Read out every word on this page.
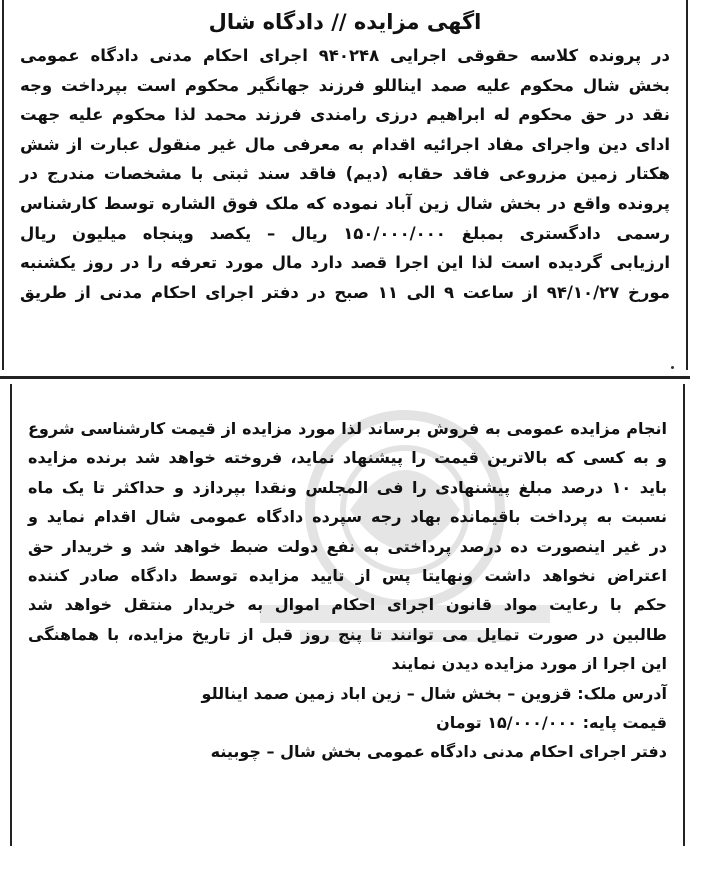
اگهی مزایده // دادگاه شال
در پرونده کلاسه حقوقی اجرایی ۹۴۰۲۴۸ اجرای احکام مدنی دادگاه عمومی
بخش شال محکوم علیه صمد ایناللو فرزند جهانگیر محکوم است بپرداخت وجه
نقد در حق محکوم له ابراهیم درزی رامندی فرزند محمد لذا محکوم علیه جهت
ادای دین واجرای مفاد اجرائیه اقدام به معرفی مال غیر منقول عبارت از شش
هکتار زمین مزروعی فاقد حقابه (دیم) فاقد سند ثبتی با مشخصات مندرج در
پرونده واقع در بخش شال زین آباد نموده که ملک فوق الشاره توسط کارشناس
رسمی دادگستری بمبلغ ۱۵۰/۰۰۰/۰۰۰ ریال – یکصد وپنجاه میلیون ریال
ارزیابی گردیده است لذا این اجرا قصد دارد مال مورد تعرفه را در روز یکشنبه
مورخ ۹۴/۱۰/۲۷ از ساعت ۹ الی ۱۱ صبح در دفتر اجرای احکام مدنی از طریق
انجام مزایده عمومی به فروش برساند لذا مورد مزایده از قیمت کارشناسی شروع
و به کسی که بالاترین قیمت را پیشنهاد نماید، فروخته خواهد شد برنده مزایده
باید ۱۰ درصد مبلغ پیشنهادی را فی المجلس ونقدا بپردازد و حداکثر تا یک ماه
نسبت به پرداخت باقیمانده بهاد رجه سپرده دادگاه عمومی شال اقدام نماید و
در غیر اینصورت ده درصد پرداختی به نفع دولت ضبط خواهد شد و خریدار حق
اعتراض نخواهد داشت ونهایتا پس از تایید مزایده توسط دادگاه صادر کننده
حکم با رعایت مواد قانون اجرای احکام اموال به خریدار منتقل خواهد شد
طالبین در صورت تمایل می توانند تا پنج روز قبل از تاریخ مزایده، با هماهنگی
این اجرا از مورد مزایده دیدن نمایند
آدرس ملک: قزوین – بخش شال – زین اباد زمین صمد ایناللو
قیمت پایه: ۱۵/۰۰۰/۰۰۰ تومان
دفتر اجرای احکام مدنی دادگاه عمومی بخش شال – چوبینه
